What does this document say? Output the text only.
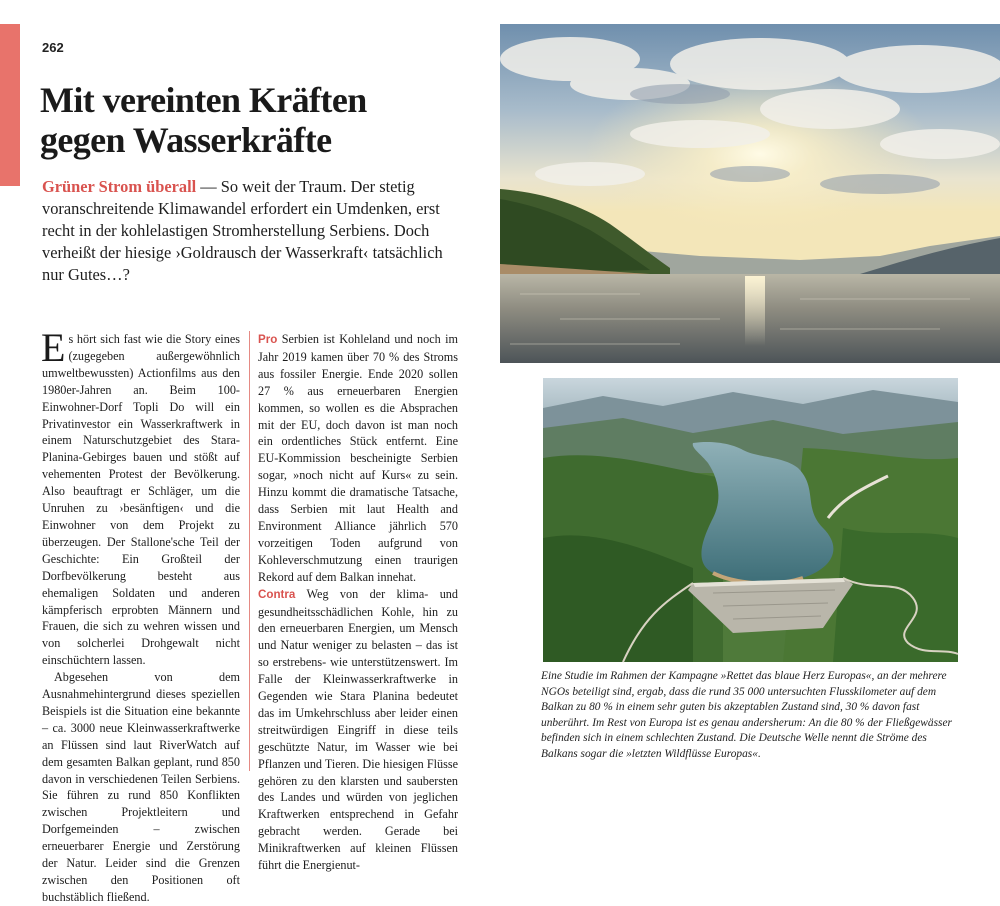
262
Mit vereinten Kräften
gegen Wasserkräfte
Grüner Strom überall — So weit der Traum. Der stetig voranschreitende Klimawandel erfordert ein Umdenken, erst recht in der kohlelastigen Stromherstellung Serbiens. Doch verheißt der hiesige ›Goldrausch der Wasserkraft‹ tatsächlich nur Gutes…?

Es hört sich fast wie die Story eines (zugegeben außergewöhnlich umweltbewussten) Actionfilms aus den 1980er-Jahren an. Beim 100-Einwohner-Dorf Topli Do will ein Privatinvestor ein Wasserkraftwerk in einem Naturschutzgebiet des Stara-Planina-Gebirges bauen und stößt auf vehementen Protest der Bevölkerung. Also beauftragt er Schläger, um die Unruhen zu ›besänftigen‹ und die Einwohner von dem Projekt zu überzeugen. Der Stallone'sche Teil der Geschichte: Ein Großteil der Dorfbevölkerung besteht aus ehemaligen Soldaten und anderen kämpferisch erprobten Männern und Frauen, die sich zu wehren wissen und von solcherlei Drohgewalt nicht einschüchtern lassen.

Abgesehen von dem Ausnahmehintergrund dieses speziellen Beispiels ist die Situation eine bekannte – ca. 3000 neue Kleinwasserkraftwerke an Flüssen sind laut RiverWatch auf dem gesamten Balkan geplant, rund 850 davon in verschiedenen Teilen Serbiens. Sie führen zu rund 850 Konflikten zwischen Projektleitern und Dorfgemeinden – zwischen erneuerbarer Energie und Zerstörung der Natur. Leider sind die Grenzen zwischen den Positionen oft buchstäblich fließend.

Pro Serbien ist Kohleland und noch im Jahr 2019 kamen über 70 % des Stroms aus fossiler Energie. Ende 2020 sollen 27 % aus erneuerbaren Energien kommen, so wollen es die Absprachen mit der EU, doch davon ist man noch ein ordentliches Stück entfernt. Eine EU-Kommission bescheinigte Serbien sogar, »noch nicht auf Kurs« zu sein. Hinzu kommt die dramatische Tatsache, dass Serbien mit laut Health and Environment Alliance jährlich 570 vorzeitigen Toden aufgrund von Kohleverschmutzung einen traurigen Rekord auf dem Balkan innehat.

Contra Weg von der klima- und gesundheitsschädlichen Kohle, hin zu den erneuerbaren Energien, um Mensch und Natur weniger zu belasten – das ist so erstrebens- wie unterstützenswert. Im Falle der Kleinwasserkraftwerke in Gegenden wie Stara Planina bedeutet das im Umkehrschluss aber leider einen streitwürdigen Eingriff in diese teils geschützte Natur, im Wasser wie bei Pflanzen und Tieren. Die hiesigen Flüsse gehören zu den klarsten und saubersten des Landes und würden von jeglichen Kraftwerken entsprechend in Gefahr gebracht werden. Gerade bei Minikraftwerken auf kleinen Flüssen führt die Energienut-

Eine Studie im Rahmen der Kampagne »Rettet das blaue Herz Europas«, an der mehrere NGOs beteiligt sind, ergab, dass die rund 35 000 untersuchten Flusskilometer auf dem Balkan zu 80 % in einem sehr guten bis akzeptablen Zustand sind, 30 % davon fast unberührt. Im Rest von Europa ist es genau andersherum: An die 80 % der Fließgewässer befinden sich in einem schlechten Zustand. Die Deutsche Welle nennt die Ströme des Balkans sogar die »letzten Wildflüsse Europas«.
